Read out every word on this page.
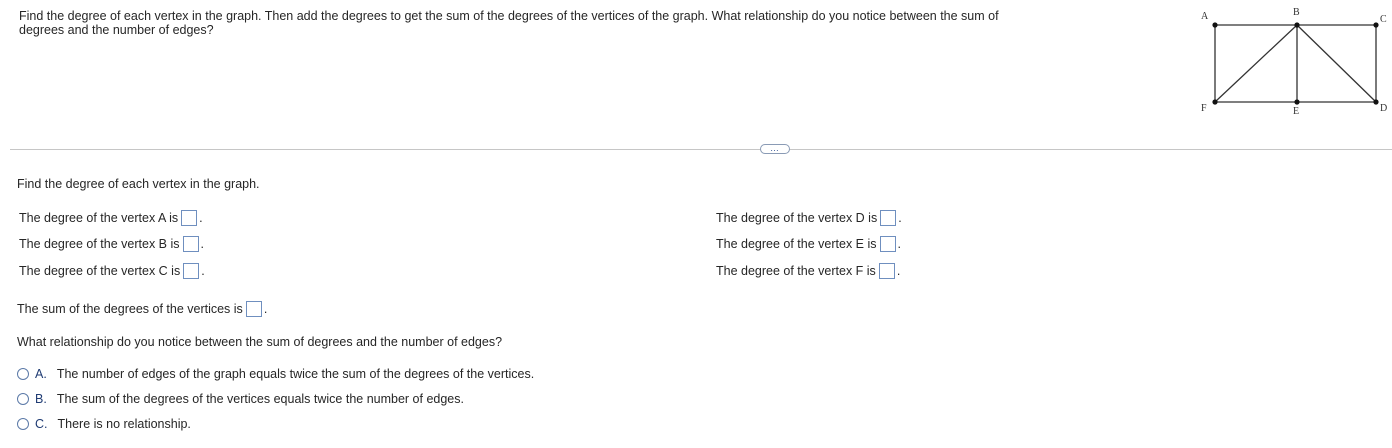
Find the degree of each vertex in the graph. Then add the degrees to get the sum of the degrees of the vertices of the graph. What relationship do you notice between the sum of degrees and the number of edges?
A	B
C
D
E
F
…
Find the degree of each vertex in the graph.
The degree of the vertex A is .
The degree of the vertex B is .
The degree of the vertex C is .
The degree of the vertex D is .
The degree of the vertex E is .
The degree of the vertex F is .
The sum of the degrees of the vertices is .
What relationship do you notice between the sum of degrees and the number of edges?
A. The number of edges of the graph equals twice the sum of the degrees of the vertices.
B. The sum of the degrees of the vertices equals twice the number of edges.
C. There is no relationship.
